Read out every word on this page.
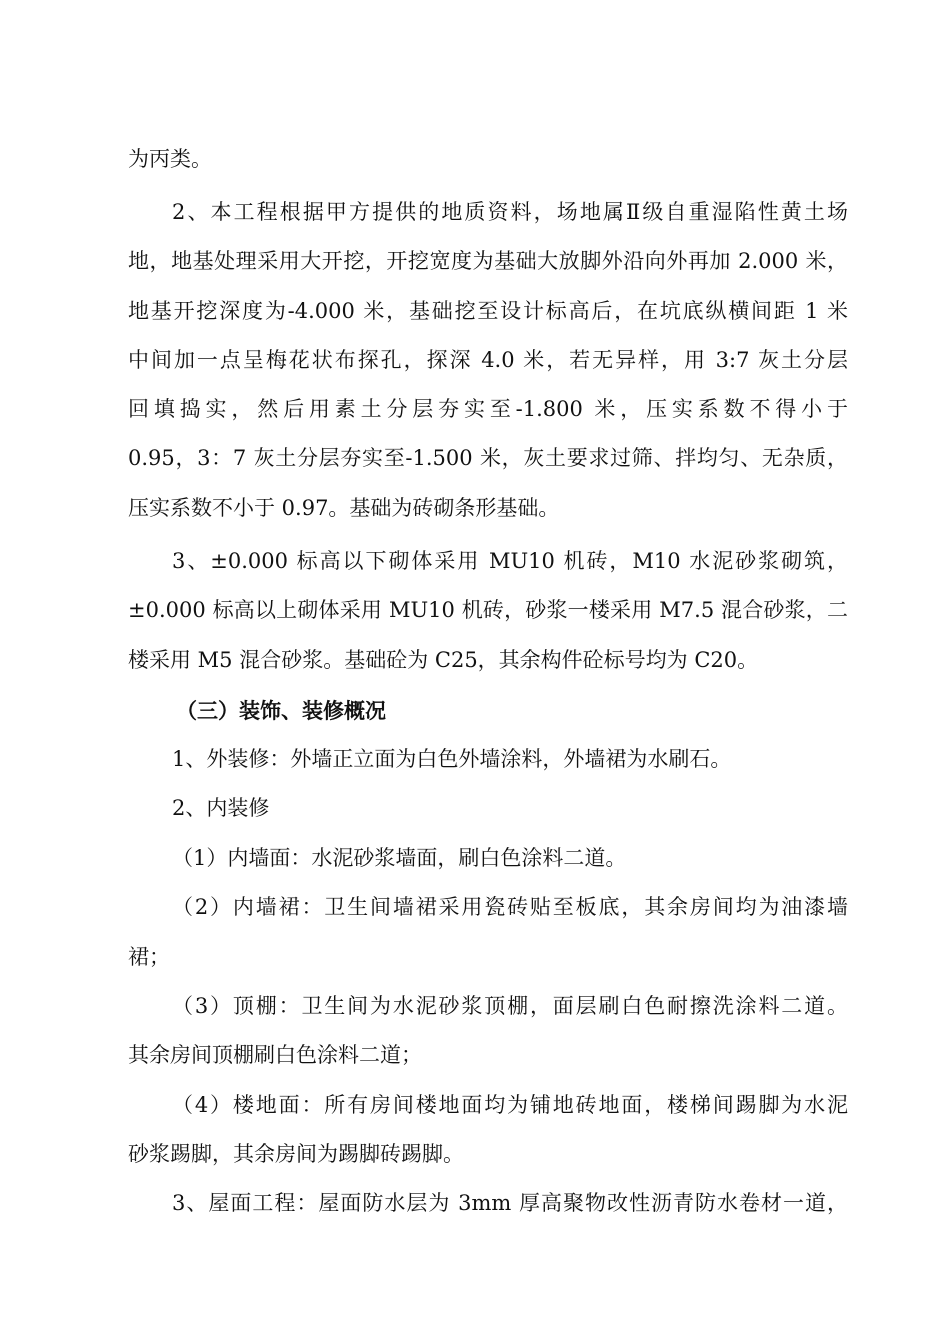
为丙类。
2、本工程根据甲方提供的地质资料，场地属Ⅱ级自重湿陷性黄土场
地，地基处理采用大开挖，开挖宽度为基础大放脚外沿向外再加 2.000 米，
地基开挖深度为-4.000 米，基础挖至设计标高后，在坑底纵横间距 1 米
中间加一点呈梅花状布探孔，探深 4.0 米，若无异样，用 3:7 灰土分层
回填捣实，然后用素土分层夯实至-1.800 米，压实系数不得小于
0.95，3：7 灰土分层夯实至-1.500 米，灰土要求过筛、拌均匀、无杂质，
压实系数不小于 0.97。基础为砖砌条形基础。
3、±0.000 标高以下砌体采用 MU10 机砖，M10 水泥砂浆砌筑，
±0.000 标高以上砌体采用 MU10 机砖，砂浆一楼采用 M7.5 混合砂浆，二
楼采用 M5 混合砂浆。基础砼为 C25，其余构件砼标号均为 C20。
（三）装饰、装修概况
1、外装修：外墙正立面为白色外墙涂料，外墙裙为水刷石。
2、内装修
（1）内墙面：水泥砂浆墙面，刷白色涂料二道。
（2）内墙裙：卫生间墙裙采用瓷砖贴至板底，其余房间均为油漆墙
裙；
（3）顶棚：卫生间为水泥砂浆顶棚，面层刷白色耐擦洗涂料二道。
其余房间顶棚刷白色涂料二道；
（4）楼地面：所有房间楼地面均为铺地砖地面，楼梯间踢脚为水泥
砂浆踢脚，其余房间为踢脚砖踢脚。
3、屋面工程：屋面防水层为 3mm 厚高聚物改性沥青防水卷材一道，
